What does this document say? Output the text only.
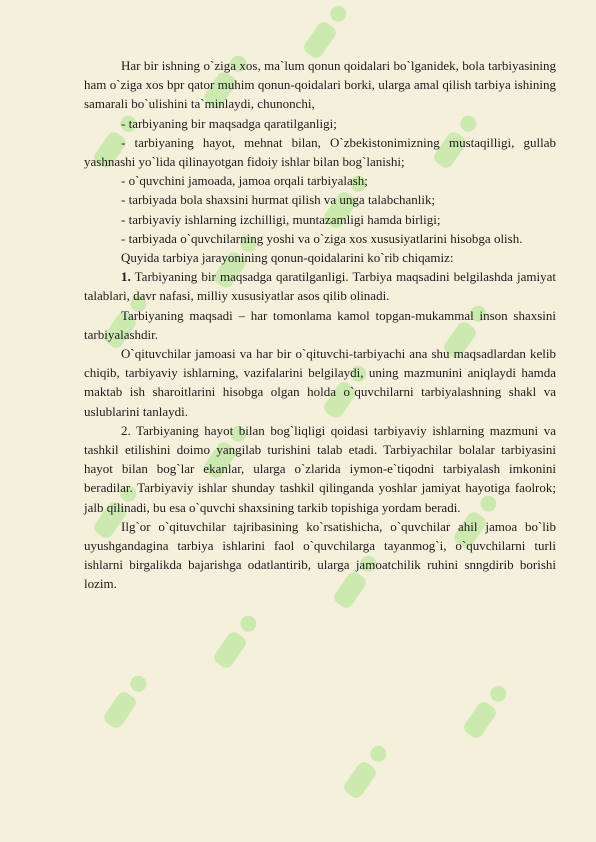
Har bir ishning o`ziga xos, ma`lum qonun qoidalari bo`lganidek, bola tarbiyasining ham o`ziga xos bpr qator muhim qonun-qoidalari borki, ularga amal qilish tarbiya ishining samarali bo`ulishini ta`minlaydi, chunonchi,

- tarbiyaning bir maqsadga qaratilganligi;

- tarbiyaning hayot, mehnat bilan, O`zbekistonimizning mustaqilligi, gullab yashnashi yo`lida qilinayotgan fidoiy ishlar bilan bog`lanishi;

- o`quvchini jamoada, jamoa orqali tarbiyalash;

- tarbiyada bola shaxsini hurmat qilish va unga talabchanlik;

- tarbiyaviy ishlarning izchilligi, muntazamligi hamda birligi;

- tarbiyada o`quvchilarning yoshi va o`ziga xos xususiyatlarini hisobga olish.

Quyida tarbiya jarayonining qonun-qoidalarini ko`rib chiqamiz:

1. Tarbiyaning bir maqsadga qaratilganligi. Tarbiya maqsadini belgilashda jamiyat talablari, davr nafasi, milliy xususiyatlar asos qilib olinadi.

Tarbiyaning maqsadi – har tomonlama kamol topgan-mukammal inson shaxsini tarbiyalashdir.

O`qituvchilar jamoasi va har bir o`qituvchi-tarbiyachi ana shu maqsadlardan kelib chiqib, tarbiyaviy ishlarning, vazifalarini belgilaydi, uning mazmunini aniqlaydi hamda maktab ish sharoitlarini hisobga olgan holda o`quvchilarni tarbiyalashning shakl va uslublarini tanlaydi.

2. Tarbiyaning hayot bilan bog`liqligi qoidasi tarbiyaviy ishlarning mazmuni va tashkil etilishini doimo yangilab turishini talab etadi. Tarbiyachilar bolalar tarbiyasini hayot bilan bog`lar ekanlar, ularga o`zlarida iymon-e`tiqodni tarbiyalash imkonini beradilar. Tarbiyaviy ishlar shunday tashkil qilinganda yoshlar jamiyat hayotiga faolrok; jalb qilinadi, bu esa o`quvchi shaxsining tarkib topishiga yordam beradi.

Ilg`or o`qituvchilar tajribasining ko`rsatishicha, o`quvchilar ahil jamoa bo`lib uyushgandagina tarbiya ishlarini faol o`quvchilarga tayanmog`i, o`quvchilarni turli ishlarni birgalikda bajarishga odatlantirib, ularga jamoatchilik ruhini snngdirib borishi lozim.
